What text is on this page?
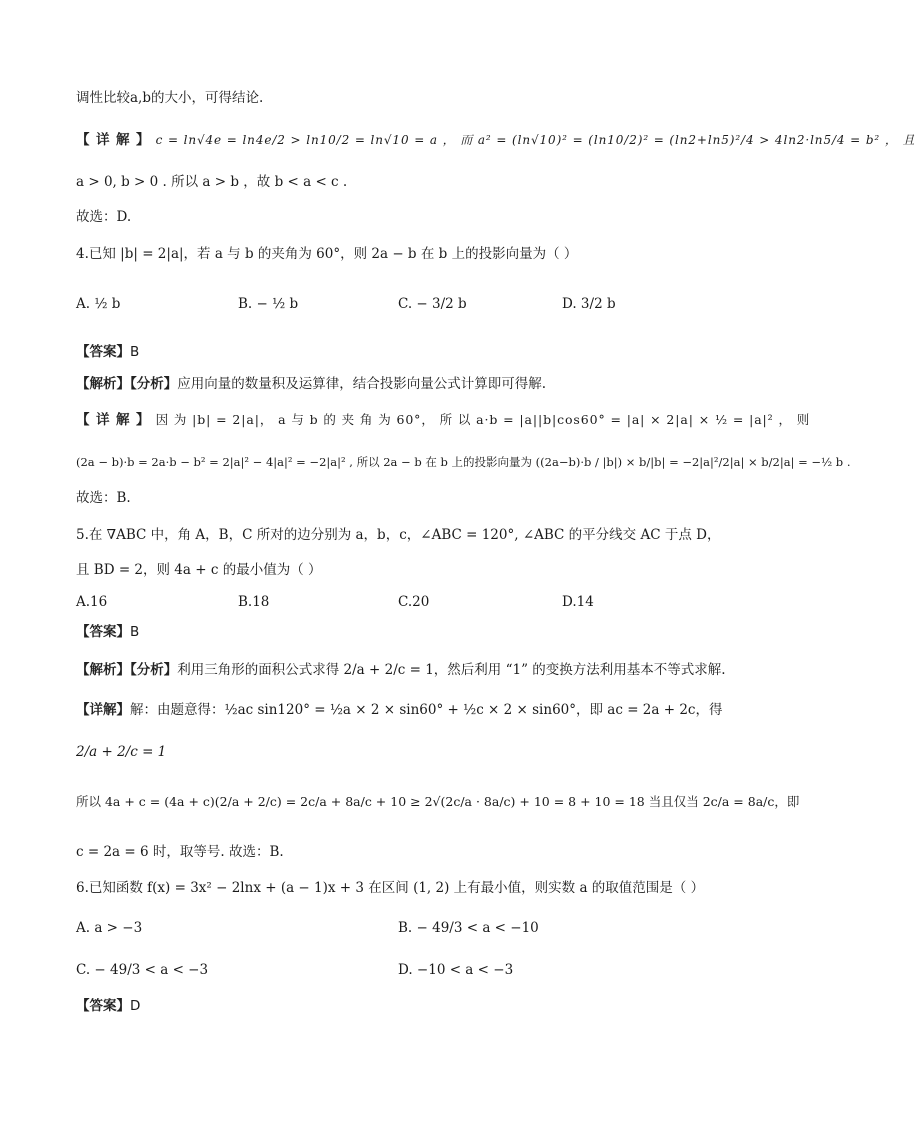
调性比较a,b的大小，可得结论.
【 详 解 】 c = ln√4e = ln4e/2 > ln10/2 = ln√10 = a ， 而 a² = (ln√10)² = (ln10/2)² = (ln2+ln5)²/4 > 4ln2·ln5/4 = b² ， 且
a > 0, b > 0 . 所以 a > b ，故 b < a < c .
故选：D.
4.已知 |b| = 2|a|，若 a 与 b 的夹角为 60°，则 2a − b 在 b 上的投影向量为（ ）
A. ½ b	B. − ½ b	C. − 3/2 b	D. 3/2 b
【答案】B
【解析】【分析】应用向量的数量积及运算律，结合投影向量公式计算即可得解.
【 详 解 】 因 为 |b| = 2|a|， a 与 b 的 夹 角 为 60°， 所 以 a·b = |a||b|cos60° = |a| × 2|a| × ½ = |a|² ， 则
(2a − b)·b = 2a·b − b² = 2|a|² − 4|a|² = −2|a|² , 所以 2a − b 在 b 上的投影向量为 ((2a−b)·b / |b|) × b/|b| = −2|a|²/2|a| × b/2|a| = −½ b .
故选：B.
5.在 ∇ABC 中，角 A，B，C 所对的边分别为 a，b，c，∠ABC = 120°, ∠ABC 的平分线交 AC 于点 D，
且 BD = 2，则 4a + c 的最小值为（ ）
A.16	B.18	C.20	D.14
【答案】B
【解析】【分析】利用三角形的面积公式求得 2/a + 2/c = 1，然后利用 “1” 的变换方法利用基本不等式求解.
【详解】解：由题意得：½ac sin120° = ½a × 2 × sin60° + ½c × 2 × sin60°，即 ac = 2a + 2c，得
2/a + 2/c = 1
所以 4a + c = (4a + c)(2/a + 2/c) = 2c/a + 8a/c + 10 ≥ 2√(2c/a · 8a/c) + 10 = 8 + 10 = 18 当且仅当 2c/a = 8a/c，即
c = 2a = 6 时，取等号. 故选：B.
6.已知函数 f(x) = 3x² − 2lnx + (a − 1)x + 3 在区间 (1, 2) 上有最小值，则实数 a 的取值范围是（ ）
A. a > −3	B. − 49/3 < a < −10
C. − 49/3 < a < −3	D. −10 < a < −3
【答案】D
